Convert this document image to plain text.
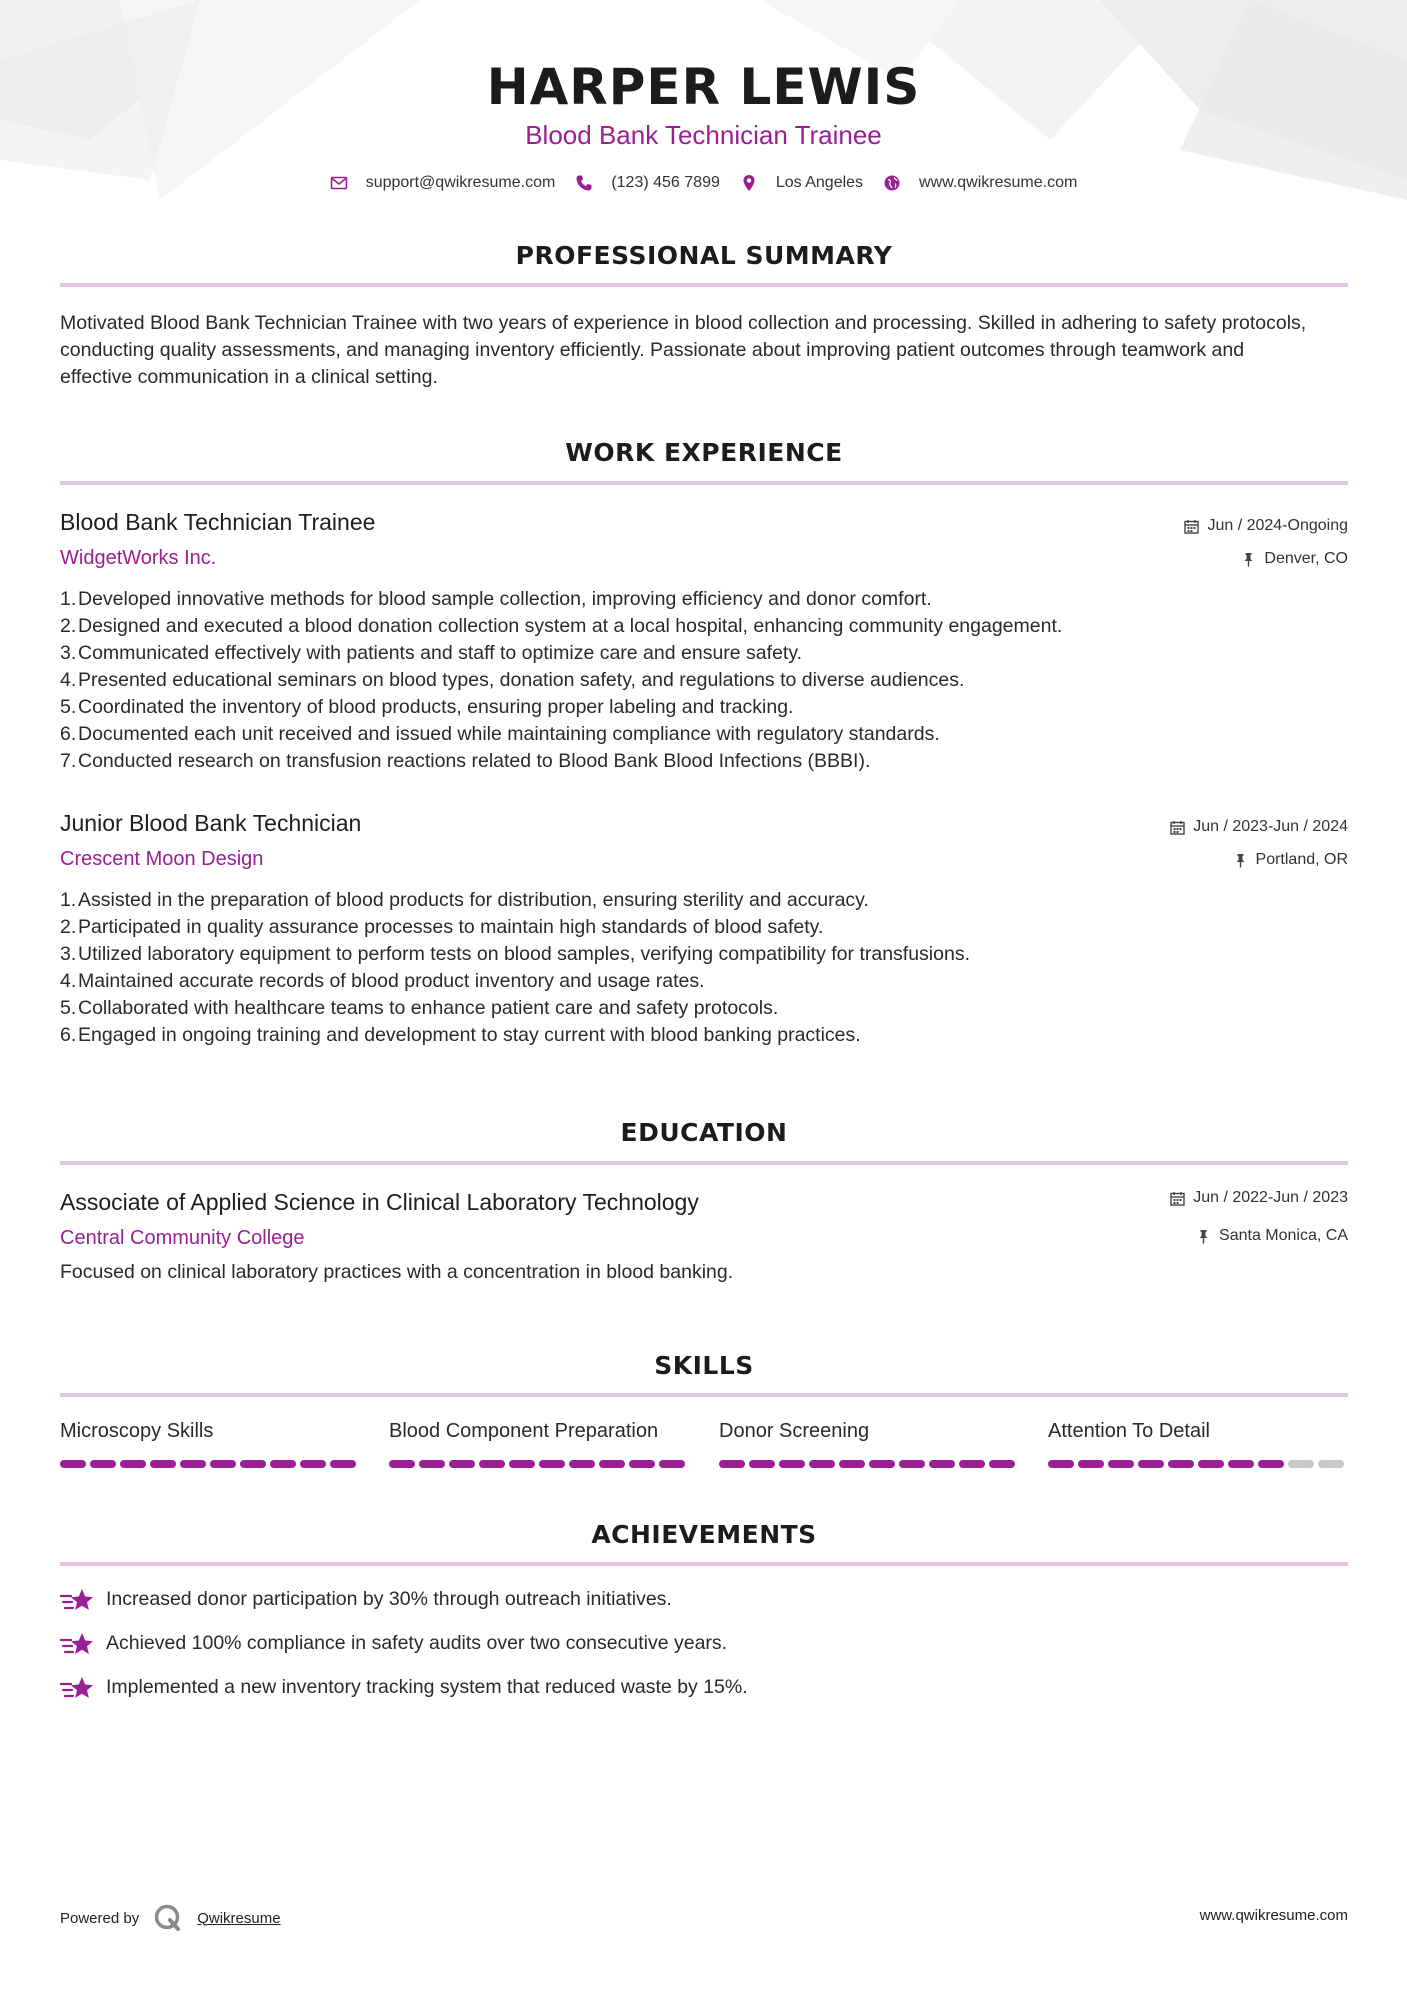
HARPER LEWIS
Blood Bank Technician Trainee
support@qwikresume.com	(123) 456 7899	Los Angeles	www.qwikresume.com
PROFESSIONAL SUMMARY
Motivated Blood Bank Technician Trainee with two years of experience in blood collection and processing. Skilled in adhering to safety protocols, conducting quality assessments, and managing inventory efficiently. Passionate about improving patient outcomes through teamwork and effective communication in a clinical setting.
WORK EXPERIENCE
Blood Bank Technician Trainee
WidgetWorks Inc.
Jun / 2024-Ongoing
Denver, CO
1.Developed innovative methods for blood sample collection, improving efficiency and donor comfort.
2.Designed and executed a blood donation collection system at a local hospital, enhancing community engagement.
3.Communicated effectively with patients and staff to optimize care and ensure safety.
4.Presented educational seminars on blood types, donation safety, and regulations to diverse audiences.
5.Coordinated the inventory of blood products, ensuring proper labeling and tracking.
6.Documented each unit received and issued while maintaining compliance with regulatory standards.
7.Conducted research on transfusion reactions related to Blood Bank Blood Infections (BBBI).
Junior Blood Bank Technician
Crescent Moon Design
Jun / 2023-Jun / 2024
Portland, OR
1.Assisted in the preparation of blood products for distribution, ensuring sterility and accuracy.
2.Participated in quality assurance processes to maintain high standards of blood safety.
3.Utilized laboratory equipment to perform tests on blood samples, verifying compatibility for transfusions.
4.Maintained accurate records of blood product inventory and usage rates.
5.Collaborated with healthcare teams to enhance patient care and safety protocols.
6.Engaged in ongoing training and development to stay current with blood banking practices.
EDUCATION
Associate of Applied Science in Clinical Laboratory Technology
Central Community College
Jun / 2022-Jun / 2023
Santa Monica, CA
Focused on clinical laboratory practices with a concentration in blood banking.
SKILLS
Microscopy Skills	Blood Component Preparation	Donor Screening	Attention To Detail
ACHIEVEMENTS
Increased donor participation by 30% through outreach initiatives.
Achieved 100% compliance in safety audits over two consecutive years.
Implemented a new inventory tracking system that reduced waste by 15%.
Powered by	Qwikresume	www.qwikresume.com
